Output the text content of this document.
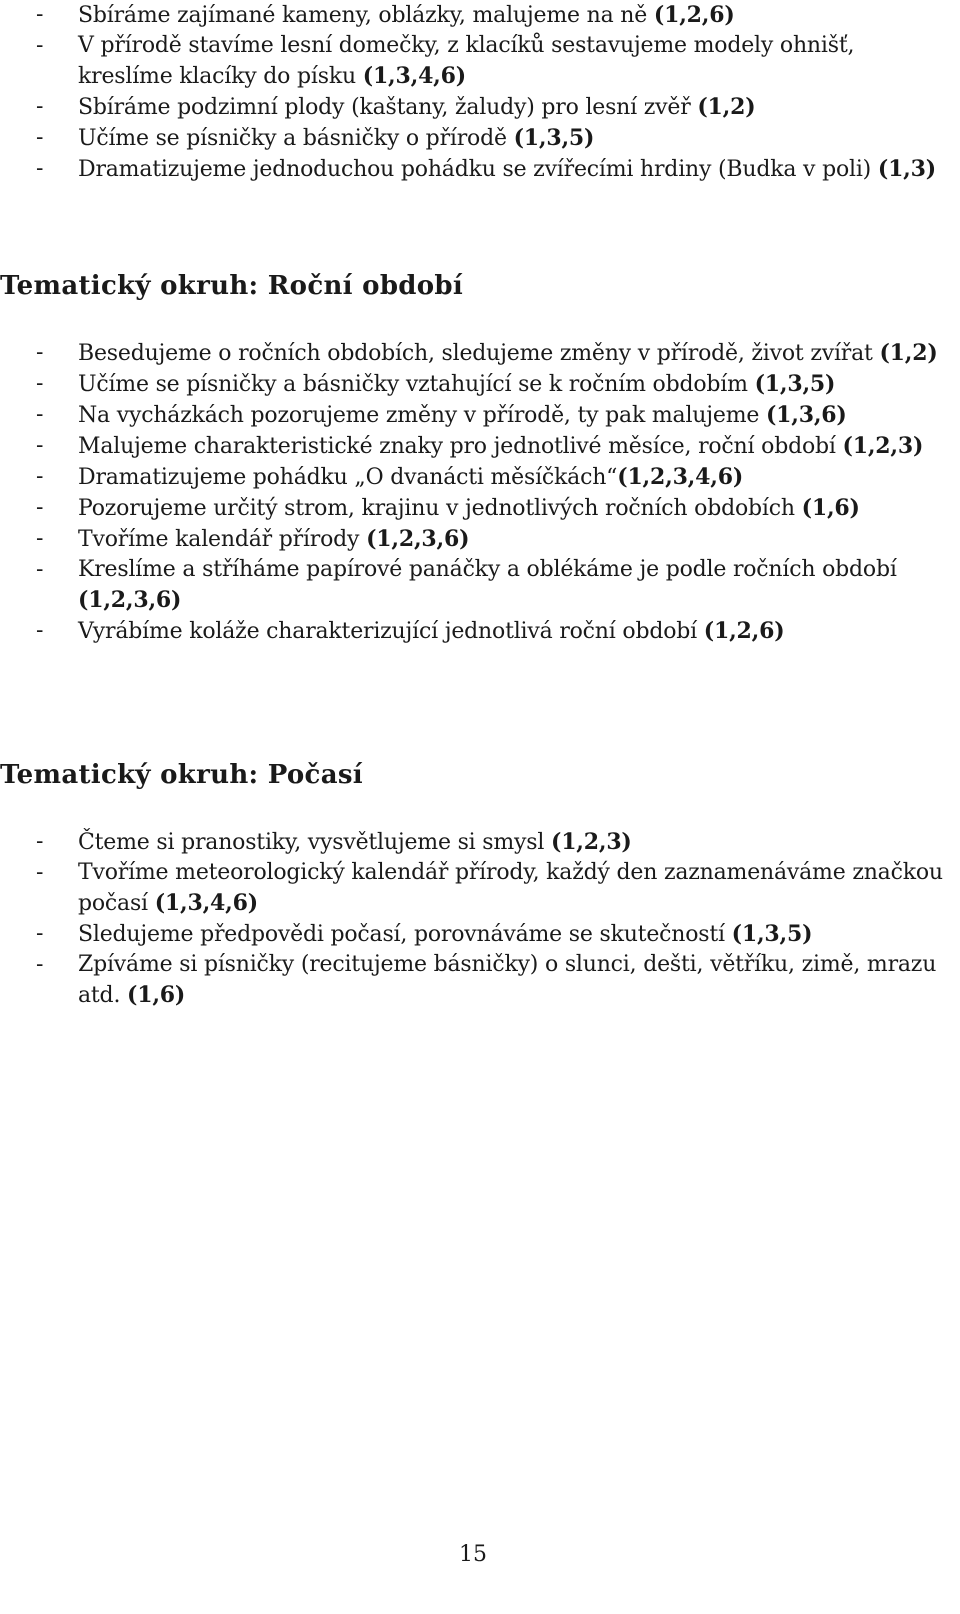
- Sbíráme zajímané kameny, oblázky, malujeme na ně (1,2,6)
- V přírodě stavíme lesní domečky, z klacíků sestavujeme modely ohnišť, kreslíme klacíky do písku (1,3,4,6)
- Sbíráme podzimní plody (kaštany, žaludy) pro lesní zvěř (1,2)
- Učíme se písničky a básničky o přírodě (1,3,5)
- Dramatizujeme jednoduchou pohádku se zvířecími hrdiny (Budka v poli) (1,3)
Tematický okruh: Roční období
- Besedujeme o ročních obdobích, sledujeme změny v přírodě, život zvířat (1,2)
- Učíme se písničky a básničky vztahující se k ročním obdobím (1,3,5)
- Na vycházkách pozorujeme změny v přírodě, ty pak malujeme (1,3,6)
- Malujeme charakteristické znaky pro jednotlivé měsíce, roční období (1,2,3)
- Dramatizujeme pohádku „O dvanácti měsíčkách“(1,2,3,4,6)
- Pozorujeme určitý strom, krajinu v jednotlivých ročních obdobích (1,6)
- Tvoříme kalendář přírody (1,2,3,6)
- Kreslíme a stříháme papírové panáčky a oblékáme je podle ročních období (1,2,3,6)
- Vyrábíme koláže charakterizující jednotlivá roční období (1,2,6)
Tematický okruh: Počasí
- Čteme si pranostiky, vysvětlujeme si smysl (1,2,3)
- Tvoříme meteorologický kalendář přírody, každý den zaznamenáváme značkou počasí (1,3,4,6)
- Sledujeme předpovědi počasí, porovnáváme se skutečností (1,3,5)
- Zpíváme si písničky (recitujeme básničky) o slunci, dešti, větříku, zimě, mrazu atd. (1,6)
15
